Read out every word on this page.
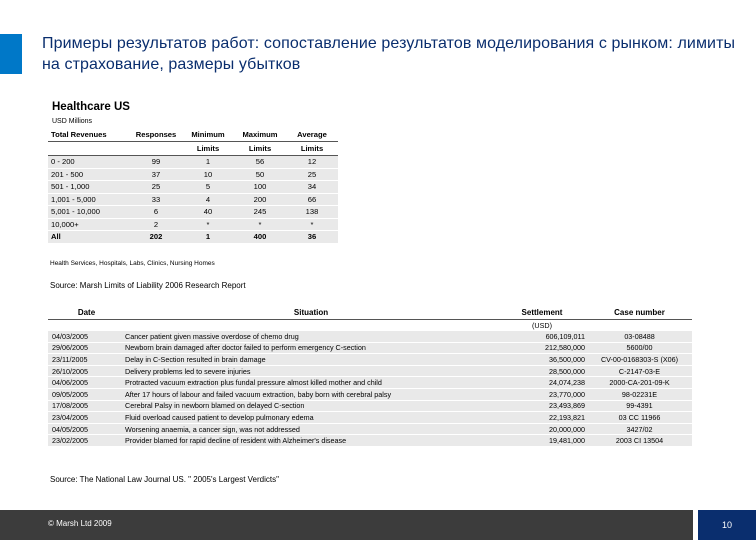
Примеры результатов работ: сопоставление результатов моделирования с рынком: лимиты на страхование, размеры убытков
Healthcare US
USD Millions
Total Revenues	Responses	Minimum	Maximum	Average
		Limits	Limits	Limits
0 - 200	99	1	56	12
201 - 500	37	10	50	25
501 - 1,000	25	5	100	34
1,001 - 5,000	33	4	200	66
5,001 - 10,000	6	40	245	138
10,000+	2	*	*	*
All	202	1	400	36
Health Services, Hospitals, Labs, Clinics, Nursing Homes
Source: Marsh Limits of Liability 2006 Research Report
Date	Situation	Settlement	Case number
		(USD)	
04/03/2005	Cancer patient given massive overdose of chemo drug	606,109,011	03-08488
29/06/2005	Newborn brain damaged after doctor failed to perform emergency C-section	212,580,000	5600/00
23/11/2005	Delay in C-Section resulted in brain damage	36,500,000	CV-00-0168303-S (X06)
26/10/2005	Delivery problems led to severe injuries	28,500,000	C-2147-03-E
04/06/2005	Protracted vacuum extraction plus fundal pressure almost killed mother and child	24,074,238	2000-CA-201-09-K
09/05/2005	After 17 hours of labour and failed vacuum extraction, baby born with cerebral palsy	23,770,000	98-02231E
17/08/2005	Cerebral Palsy in newborn blamed on delayed C-section	23,493,869	99-4391
23/04/2005	Fluid overload caused patient to develop pulmonary edema	22,193,821	03 CC 11966
04/05/2005	Worsening anaemia, a cancer sign, was not addressed	20,000,000	3427/02
23/02/2005	Provider blamed for rapid decline of resident with Alzheimer's disease	19,481,000	2003 CI 13504
Source: The National Law Journal US. " 2005's Largest Verdicts"
© Marsh Ltd 2009	10
